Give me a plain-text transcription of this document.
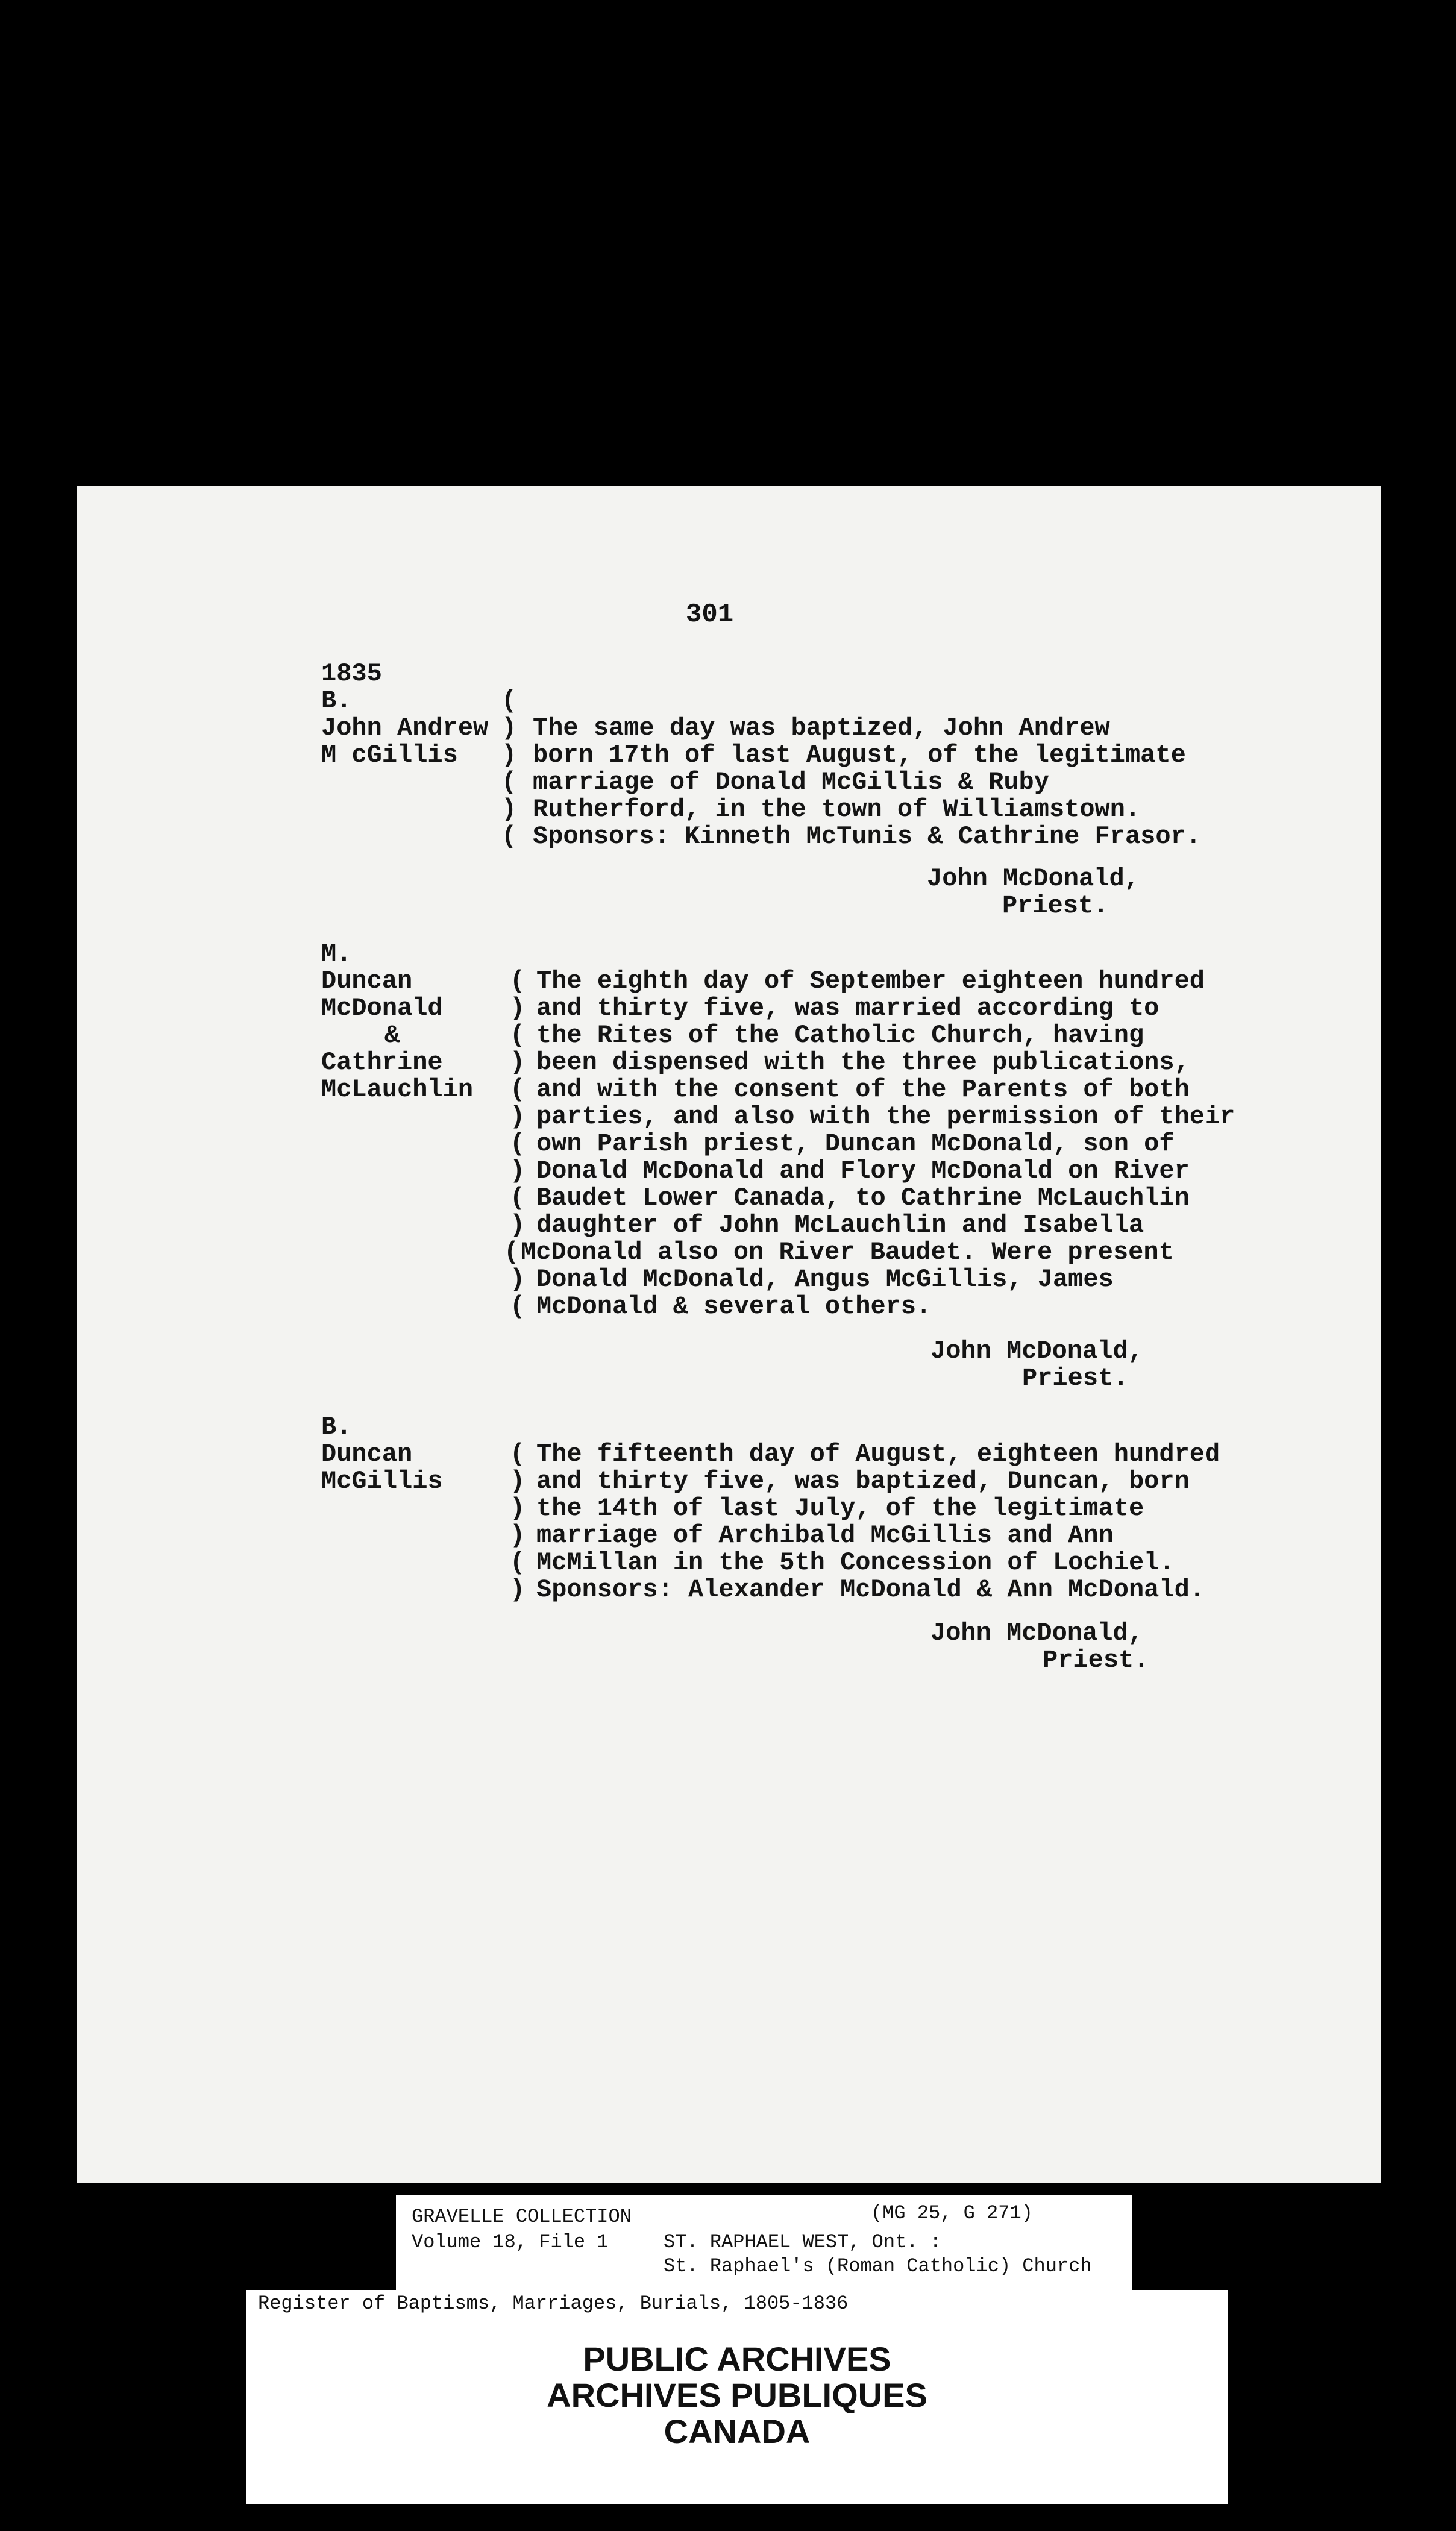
301
1835
B.
John Andrew
M cGillis
(
)
)
(
)
(
The same day was baptized, John Andrew
born 17th of last August, of the legitimate
marriage of Donald McGillis & Ruby
Rutherford, in the town of Williamstown.
Sponsors: Kinneth McTunis & Cathrine Frasor.
John McDonald,
Priest.
M.
Duncan
McDonald
&
Cathrine
McLauchlin
(
)
(
)
(
)
(
)
(
)
(
)
(
The eighth day of September eighteen hundred
and thirty five, was married according to
the Rites of the Catholic Church, having
been dispensed with the three publications,
and with the consent of the Parents of both
parties, and also with the permission of their
own Parish priest, Duncan McDonald, son of
Donald McDonald and Flory McDonald on River
Baudet Lower Canada, to Cathrine McLauchlin
daughter of John McLauchlin and Isabella
McDonald also on River Baudet. Were present
Donald McDonald, Angus McGillis, James
McDonald & several others.
John McDonald,
Priest.
B.
Duncan
McGillis
(
)
)
)
(
)
The fifteenth day of August, eighteen hundred
and thirty five, was baptized, Duncan, born
the 14th of last July, of the legitimate
marriage of Archibald McGillis and Ann
McMillan in the 5th Concession of Lochiel.
Sponsors: Alexander McDonald & Ann McDonald.
John McDonald,
Priest.
GRAVELLE COLLECTION	(MG 25, G 271)
Volume 18, File 1	ST. RAPHAEL WEST, Ont. :
St. Raphael's (Roman Catholic) Church
Register of Baptisms, Marriages, Burials, 1805-1836
PUBLIC ARCHIVES
ARCHIVES PUBLIQUES
CANADA
